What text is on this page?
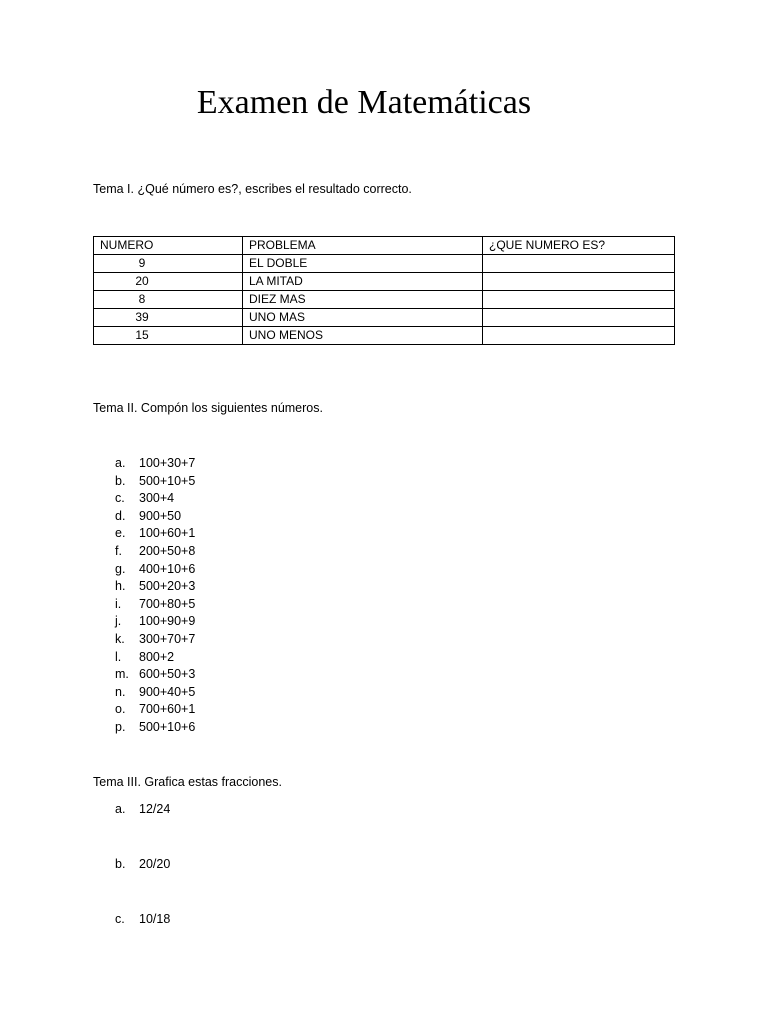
Examen de Matemáticas
Tema I. ¿Qué número es?, escribes el resultado correcto.
NUMERO	PROBLEMA	¿QUE NUMERO ES?
9	EL DOBLE	
20	LA MITAD	
8	DIEZ MAS	
39	UNO MAS	
15	UNO MENOS	
Tema II. Compón los siguientes números.
a.	100+30+7
b.	500+10+5
c.	300+4
d.	900+50
e.	100+60+1
f.	200+50+8
g.	400+10+6
h.	500+20+3
i.	700+80+5
j.	100+90+9
k.	300+70+7
l.	800+2
m. 600+50+3
n.	900+40+5
o.	700+60+1
p.	500+10+6
Tema III. Grafica estas fracciones.
a.	12/24
b.	20/20
c.	10/18
